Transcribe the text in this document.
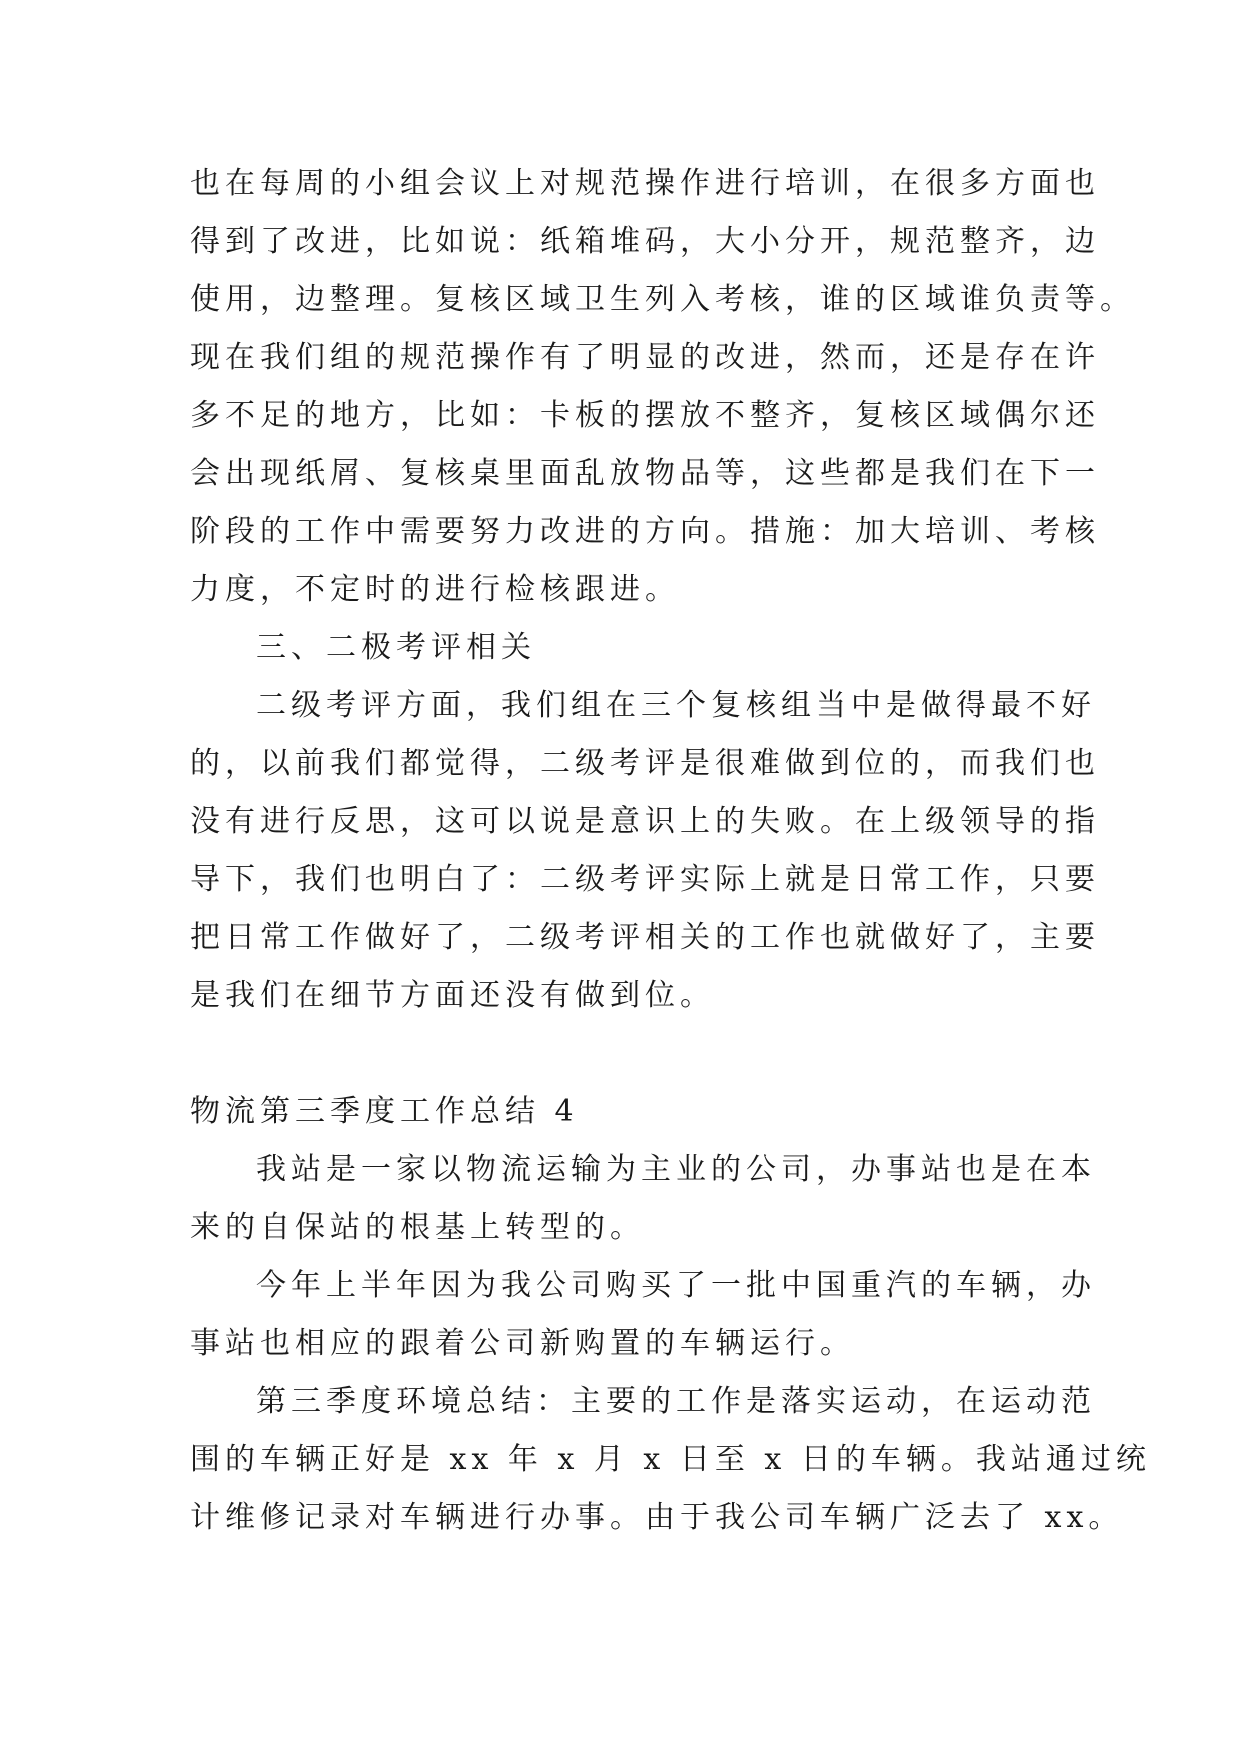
也在每周的小组会议上对规范操作进行培训，在很多方面也

得到了改进，比如说：纸箱堆码，大小分开，规范整齐，边

使用，边整理。复核区域卫生列入考核，谁的区域谁负责等。

现在我们组的规范操作有了明显的改进，然而，还是存在许

多不足的地方，比如：卡板的摆放不整齐，复核区域偶尔还

会出现纸屑、复核桌里面乱放物品等，这些都是我们在下一

阶段的工作中需要努力改进的方向。措施：加大培训、考核

力度，不定时的进行检核跟进。

三、二极考评相关

二级考评方面，我们组在三个复核组当中是做得最不好

的，以前我们都觉得，二级考评是很难做到位的，而我们也

没有进行反思，这可以说是意识上的失败。在上级领导的指

导下，我们也明白了：二级考评实际上就是日常工作，只要

把日常工作做好了，二级考评相关的工作也就做好了，主要

是我们在细节方面还没有做到位。

物流第三季度工作总结 4

我站是一家以物流运输为主业的公司，办事站也是在本

来的自保站的根基上转型的。

今年上半年因为我公司购买了一批中国重汽的车辆，办

事站也相应的跟着公司新购置的车辆运行。

第三季度环境总结：主要的工作是落实运动，在运动范

围的车辆正好是 xx 年 x 月 x 日至 x 日的车辆。我站通过统

计维修记录对车辆进行办事。由于我公司车辆广泛去了 xx。
